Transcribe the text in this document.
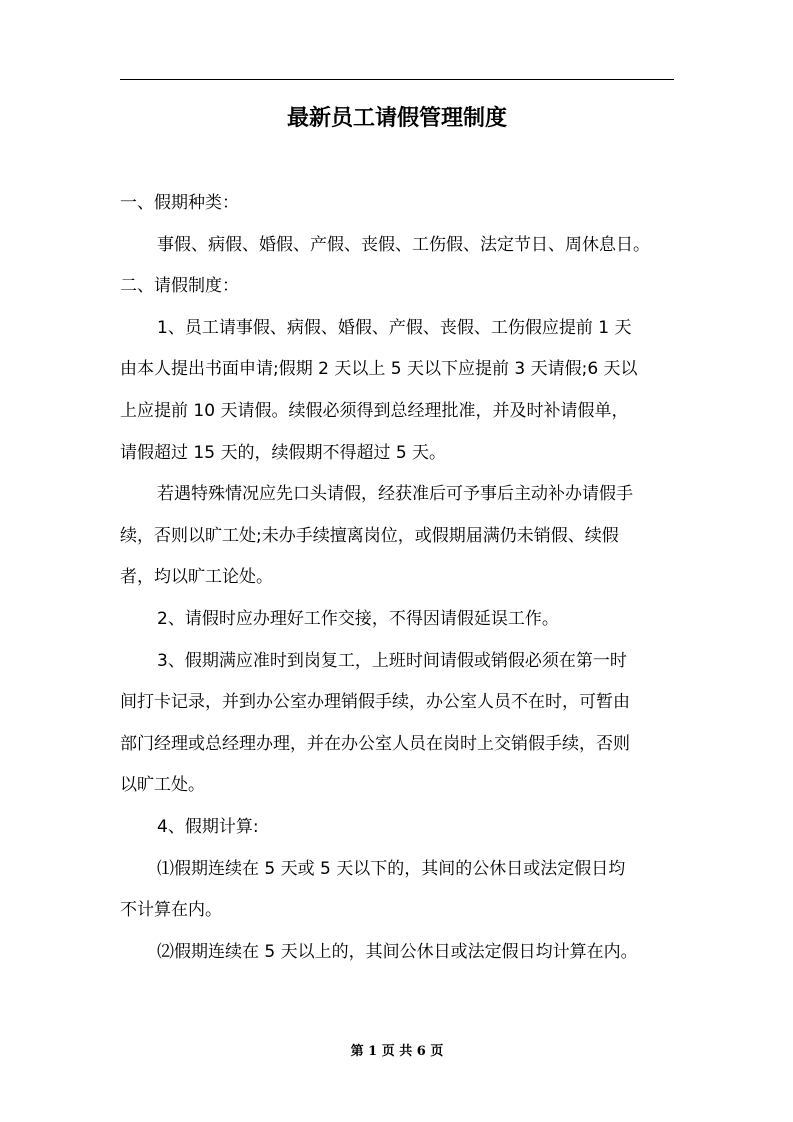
最新员工请假管理制度

一、假期种类：

事假、病假、婚假、产假、丧假、工伤假、法定节日、周休息日。

二、请假制度：

1、员工请事假、病假、婚假、产假、丧假、工伤假应提前 1 天

由本人提出书面申请;假期 2 天以上 5 天以下应提前 3 天请假;6 天以

上应提前 10 天请假。续假必须得到总经理批准，并及时补请假单，

请假超过 15 天的，续假期不得超过 5 天。

若遇特殊情况应先口头请假，经获准后可予事后主动补办请假手

续，否则以旷工处;未办手续擅离岗位，或假期届满仍未销假、续假

者，均以旷工论处。

2、请假时应办理好工作交接，不得因请假延误工作。

3、假期满应准时到岗复工，上班时间请假或销假必须在第一时

间打卡记录，并到办公室办理销假手续，办公室人员不在时，可暂由

部门经理或总经理办理，并在办公室人员在岗时上交销假手续，否则

以旷工处。

4、假期计算:

⑴假期连续在 5 天或 5 天以下的，其间的公休日或法定假日均

不计算在内。

⑵假期连续在 5 天以上的，其间公休日或法定假日均计算在内。

第 1 页 共 6 页
